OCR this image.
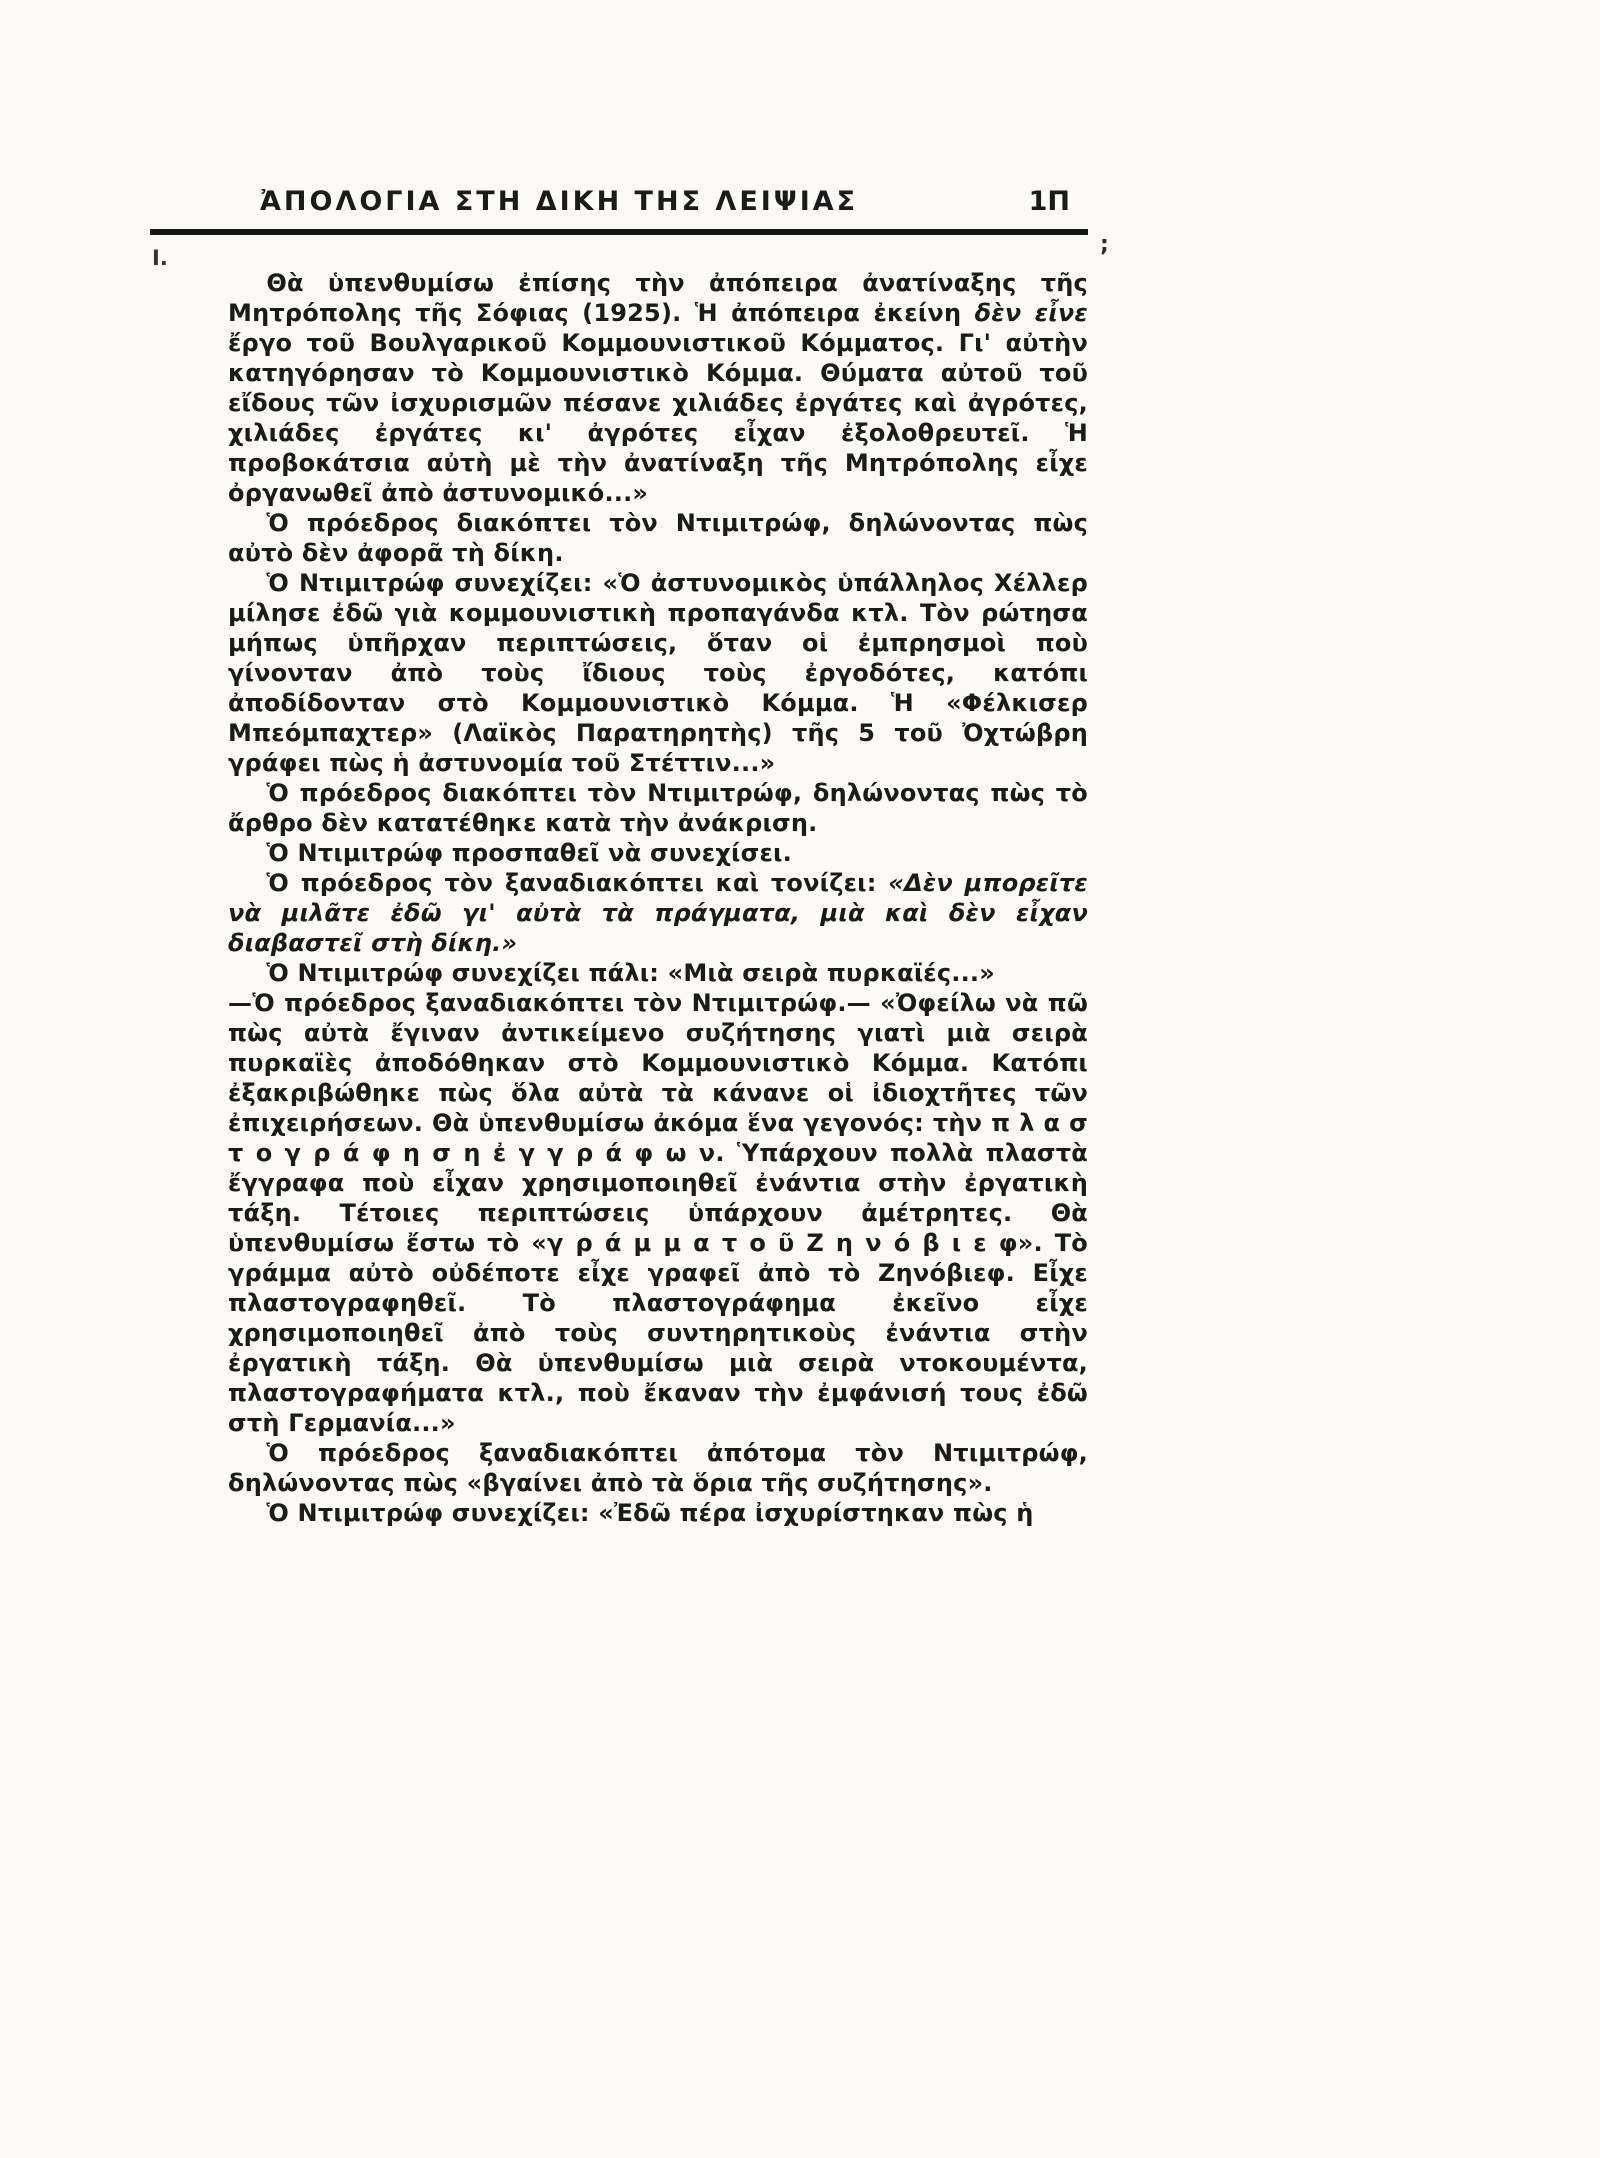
ἈΠΟΛΟΓΙΑ ΣΤΗ ΔΙΚΗ ΤΗΣ ΛΕΙΨΙΑΣ	1Π
;
Ι.

Θὰ ὑπενθυμίσω ἐπίσης τὴν ἀπόπειρα ἀνατίναξης τῆς Μητρόπολης τῆς Σόφιας (1925). Ἡ ἀπόπειρα ἐκείνη δὲν εἶνε ἔργο τοῦ Βουλγαρικοῦ Κομμουνιστικοῦ Κόμματος. Γι' αὐτὴν κατηγόρησαν τὸ Κομμουνιστικὸ Κόμμα. Θύματα αὐτοῦ τοῦ εἴδους τῶν ἰσχυρισμῶν πέσανε χιλιάδες ἐργάτες καὶ ἀγρότες, χιλιάδες ἐργάτες κι' ἀγρότες εἶχαν ἐξολοθρευτεῖ. Ἡ προβοκάτσια αὐτὴ μὲ τὴν ἀνατίναξη τῆς Μητρόπολης εἶχε ὀργανωθεῖ ἀπὸ ἀστυνομικό...»

Ὁ πρόεδρος διακόπτει τὸν Ντιμιτρώφ, δηλώνοντας πὼς αὐτὸ δὲν ἀφορᾶ τὴ δίκη.

Ὁ Ντιμιτρώφ συνεχίζει: «Ὁ ἀστυνομικὸς ὑπάλληλος Χέλλερ μίλησε ἐδῶ γιὰ κομμουνιστικὴ προπαγάνδα κτλ. Τὸν ρώτησα μήπως ὑπῆρχαν περιπτώσεις, ὅταν οἱ ἐμπρησμοὶ ποὺ γίνονταν ἀπὸ τοὺς ἴδιους τοὺς ἐργοδότες, κατόπι ἀποδίδονταν στὸ Κομμουνιστικὸ Κόμμα. Ἡ «Φέλκισερ Μπεόμπαχτερ» (Λαϊκὸς Παρατηρητὴς) τῆς 5 τοῦ Ὀχτώβρη γράφει πὼς ἡ ἀστυνομία τοῦ Στέττιν...»

Ὁ πρόεδρος διακόπτει τὸν Ντιμιτρώφ, δηλώνοντας πὼς τὸ ἄρθρο δὲν κατατέθηκε κατὰ τὴν ἀνάκριση.

Ὁ Ντιμιτρώφ προσπαθεῖ νὰ συνεχίσει.

Ὁ πρόεδρος τὸν ξαναδιακόπτει καὶ τονίζει: «Δὲν μπορεῖτε νὰ μιλᾶτε ἐδῶ γι' αὐτὰ τὰ πράγματα, μιὰ καὶ δὲν εἶχαν διαβαστεῖ στὴ δίκη.»

Ὁ Ντιμιτρώφ συνεχίζει πάλι: «Μιὰ σειρὰ πυρκαϊές...»

—Ὁ πρόεδρος ξαναδιακόπτει τὸν Ντιμιτρώφ.— «Ὀφείλω νὰ πῶ πὼς αὐτὰ ἔγιναν ἀντικείμενο συζήτησης γιατὶ μιὰ σειρὰ πυρκαϊὲς ἀποδόθηκαν στὸ Κομμουνιστικὸ Κόμμα. Κατόπι ἐξακριβώθηκε πὼς ὅλα αὐτὰ τὰ κάνανε οἱ ἰδιοχτῆτες τῶν ἐπιχειρήσεων. Θὰ ὑπενθυμίσω ἀκόμα ἕνα γεγονός: τὴν π λ α σ τ ο γ ρ ά φ η σ η ἐ γ γ ρ ά φ ω ν. Ὑπάρχουν πολλὰ πλαστὰ ἔγγραφα ποὺ εἶχαν χρησιμοποιηθεῖ ἐνάντια στὴν ἐργατικὴ τάξη. Τέτοιες περιπτώσεις ὑπάρχουν ἀμέτρητες. Θὰ ὑπενθυμίσω ἔστω τὸ «γ ρ ά μ μ α τ ο ῦ Ζ η ν ό β ι ε φ». Τὸ γράμμα αὐτὸ οὐδέποτε εἶχε γραφεῖ ἀπὸ τὸ Ζηνόβιεφ. Εἶχε πλαστογραφηθεῖ. Τὸ πλαστογράφημα ἐκεῖνο εἶχε χρησιμοποιηθεῖ ἀπὸ τοὺς συντηρητικοὺς ἐνάντια στὴν ἐργατικὴ τάξη. Θὰ ὑπενθυμίσω μιὰ σειρὰ ντοκουμέντα, πλαστογραφήματα κτλ., ποὺ ἔκαναν τὴν ἐμφάνισή τους ἐδῶ στὴ Γερμανία...»

Ὁ πρόεδρος ξαναδιακόπτει ἀπότομα τὸν Ντιμιτρώφ, δηλώνοντας πὼς «βγαίνει ἀπὸ τὰ ὅρια τῆς συζήτησης».

Ὁ Ντιμιτρώφ συνεχίζει: «Ἐδῶ πέρα ἰσχυρίστηκαν πὼς ἡ
